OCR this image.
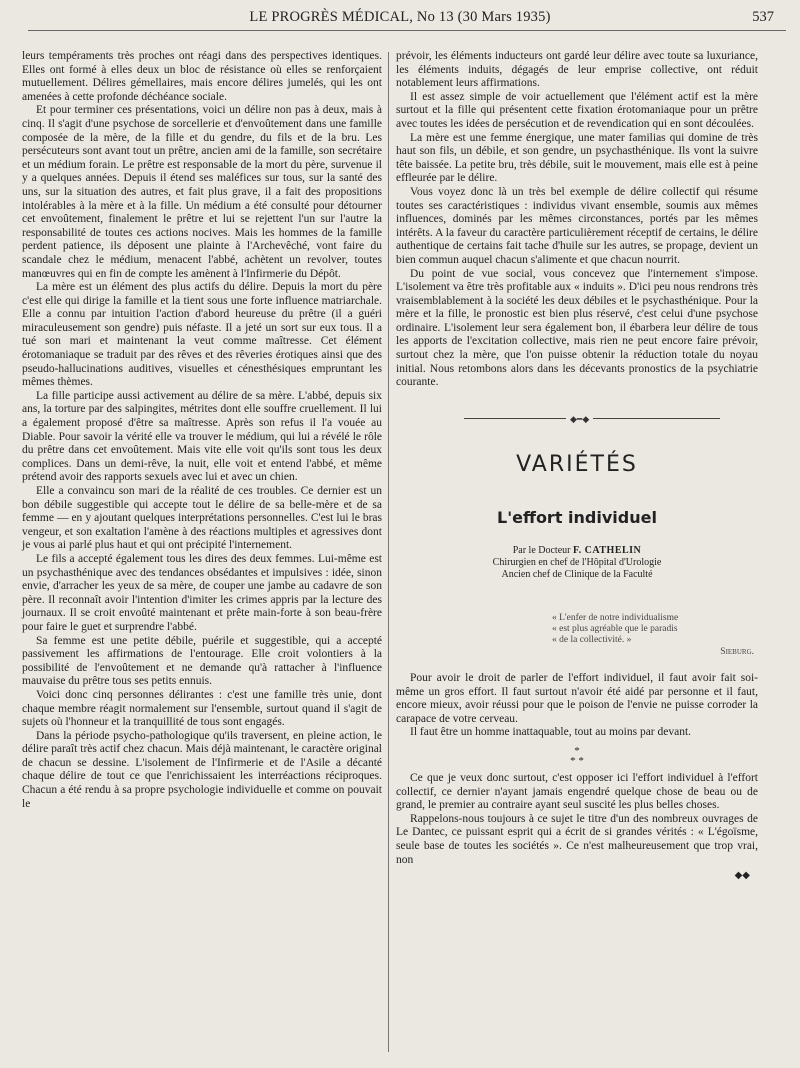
LE PROGRÈS MÉDICAL, No 13 (30 Mars 1935)	537

leurs tempéraments très proches ont réagi dans des perspectives identiques. Elles ont formé à elles deux un bloc de résistance où elles se renforçaient mutuellement. Délires gémellaires, mais encore délires jumelés, qui les ont amenées à cette profonde déchéance sociale.

Et pour terminer ces présentations, voici un délire non pas à deux, mais à cinq. Il s'agit d'une psychose de sorcellerie et d'envoûtement dans une famille composée de la mère, de la fille et du gendre, du fils et de la bru. Les persécuteurs sont avant tout un prêtre, ancien ami de la famille, son secrétaire et un médium forain. Le prêtre est responsable de la mort du père, survenue il y a quelques années. Depuis il étend ses maléfices sur tous, sur la santé des uns, sur la situation des autres, et fait plus grave, il a fait des propositions intolérables à la mère et à la fille. Un médium a été consulté pour détourner cet envoûtement, finalement le prêtre et lui se rejettent l'un sur l'autre la responsabilité de toutes ces actions nocives. Mais les hommes de la famille perdent patience, ils déposent une plainte à l'Archevêché, vont faire du scandale chez le médium, menacent l'abbé, achètent un revolver, toutes manœuvres qui en fin de compte les amènent à l'Infirmerie du Dépôt.

La mère est un élément des plus actifs du délire. Depuis la mort du père c'est elle qui dirige la famille et la tient sous une forte influence matriarchale. Elle a connu par intuition l'action d'abord heureuse du prêtre (il a guéri miraculeusement son gendre) puis néfaste. Il a jeté un sort sur eux tous. Il a tué son mari et maintenant la veut comme maîtresse. Cet élément érotomaniaque se traduit par des rêves et des rêveries érotiques ainsi que des pseudo-hallucinations auditives, visuelles et cénesthésiques empruntant les mêmes thèmes.

La fille participe aussi activement au délire de sa mère. L'abbé, depuis six ans, la torture par des salpingites, métrites dont elle souffre cruellement. Il lui a également proposé d'être sa maîtresse. Après son refus il l'a vouée au Diable. Pour savoir la vérité elle va trouver le médium, qui lui a révélé le rôle du prêtre dans cet envoûtement. Mais vite elle voit qu'ils sont tous les deux complices. Dans un demi-rêve, la nuit, elle voit et entend l'abbé, et même prétend avoir des rapports sexuels avec lui et avec un chien.

Elle a convaincu son mari de la réalité de ces troubles. Ce dernier est un bon débile suggestible qui accepte tout le délire de sa belle-mère et de sa femme — en y ajoutant quelques interprétations personnelles. C'est lui le bras vengeur, et son exaltation l'amène à des réactions multiples et agressives dont je vous ai parlé plus haut et qui ont précipité l'internement.

Le fils a accepté également tous les dires des deux femmes. Lui-même est un psychasthénique avec des tendances obsédantes et impulsives : idée, sinon envie, d'arracher les yeux de sa mère, de couper une jambe au cadavre de son père. Il reconnaît avoir l'intention d'imiter les crimes appris par la lecture des journaux. Il se croit envoûté maintenant et prête main-forte à son beau-frère pour faire le guet et surprendre l'abbé.

Sa femme est une petite débile, puérile et suggestible, qui a accepté passivement les affirmations de l'entourage. Elle croit volontiers à la possibilité de l'envoûtement et ne demande qu'à rattacher à l'influence mauvaise du prêtre tous ses petits ennuis.

Voici donc cinq personnes délirantes : c'est une famille très unie, dont chaque membre réagit normalement sur l'ensemble, surtout quand il s'agit de sujets où l'honneur et la tranquillité de tous sont engagés.

Dans la période psycho-pathologique qu'ils traversent, en pleine action, le délire paraît très actif chez chacun. Mais déjà maintenant, le caractère original de chacun se dessine. L'isolement de l'Infirmerie et de l'Asile a décanté chaque délire de tout ce que l'enrichissaient les interréactions réciproques. Chacun a été rendu à sa propre psychologie individuelle et comme on pouvait le

prévoir, les éléments inducteurs ont gardé leur délire avec toute sa luxuriance, les éléments induits, dégagés de leur emprise collective, ont réduit notablement leurs affirmations.

Il est assez simple de voir actuellement que l'élément actif est la mère surtout et la fille qui présentent cette fixation érotomaniaque pour un prêtre avec toutes les idées de persécution et de revendication qui en sont découlées.

La mère est une femme énergique, une mater familias qui domine de très haut son fils, un débile, et son gendre, un psychasthénique. Ils vont la suivre tête baissée. La petite bru, très débile, suit le mouvement, mais elle est à peine effleurée par le délire.

Vous voyez donc là un très bel exemple de délire collectif qui résume toutes ses caractéristiques : individus vivant ensemble, soumis aux mêmes influences, dominés par les mêmes circonstances, portés par les mêmes intérêts. A la faveur du caractère particulièrement réceptif de certains, le délire authentique de certains fait tache d'huile sur les autres, se propage, devient un bien commun auquel chacun s'alimente et que chacun nourrit.

Du point de vue social, vous concevez que l'internement s'impose. L'isolement va être très profitable aux « induits ». D'ici peu nous rendrons très vraisemblablement à la société les deux débiles et le psychasthénique. Pour la mère et la fille, le pronostic est bien plus réservé, c'est celui d'une psychose ordinaire. L'isolement leur sera également bon, il ébarbera leur délire de tous les apports de l'excitation collective, mais rien ne peut encore faire prévoir, surtout chez la mère, que l'on puisse obtenir la réduction totale du noyau initial. Nous retombons alors dans les décevants pronostics de la psychiatrie courante.

◆━◆
VARIÉTÉS
L'effort individuel
Par le Docteur F. CATHELIN
Chirurgien en chef de l'Hôpital d'Urologie
Ancien chef de Clinique de la Faculté
« L'enfer de notre individualisme
« est plus agréable que le paradis
« de la collectivité. »
Sieburg.

Pour avoir le droit de parler de l'effort individuel, il faut avoir fait soi-même un gros effort. Il faut surtout n'avoir été aidé par personne et il faut, encore mieux, avoir réussi pour que le poison de l'envie ne puisse corroder la carapace de votre cerveau.

Il faut être un homme inattaquable, tout au moins par devant.

*
* *

Ce que je veux donc surtout, c'est opposer ici l'effort individuel à l'effort collectif, ce dernier n'ayant jamais engendré quelque chose de beau ou de grand, le premier au contraire ayant seul suscité les plus belles choses.

Rappelons-nous toujours à ce sujet le titre d'un des nombreux ouvrages de Le Dantec, ce puissant esprit qui a écrit de si grandes vérités : « L'égoïsme, seule base de toutes les sociétés ». Ce n'est malheureusement que trop vrai, non

◆◆
